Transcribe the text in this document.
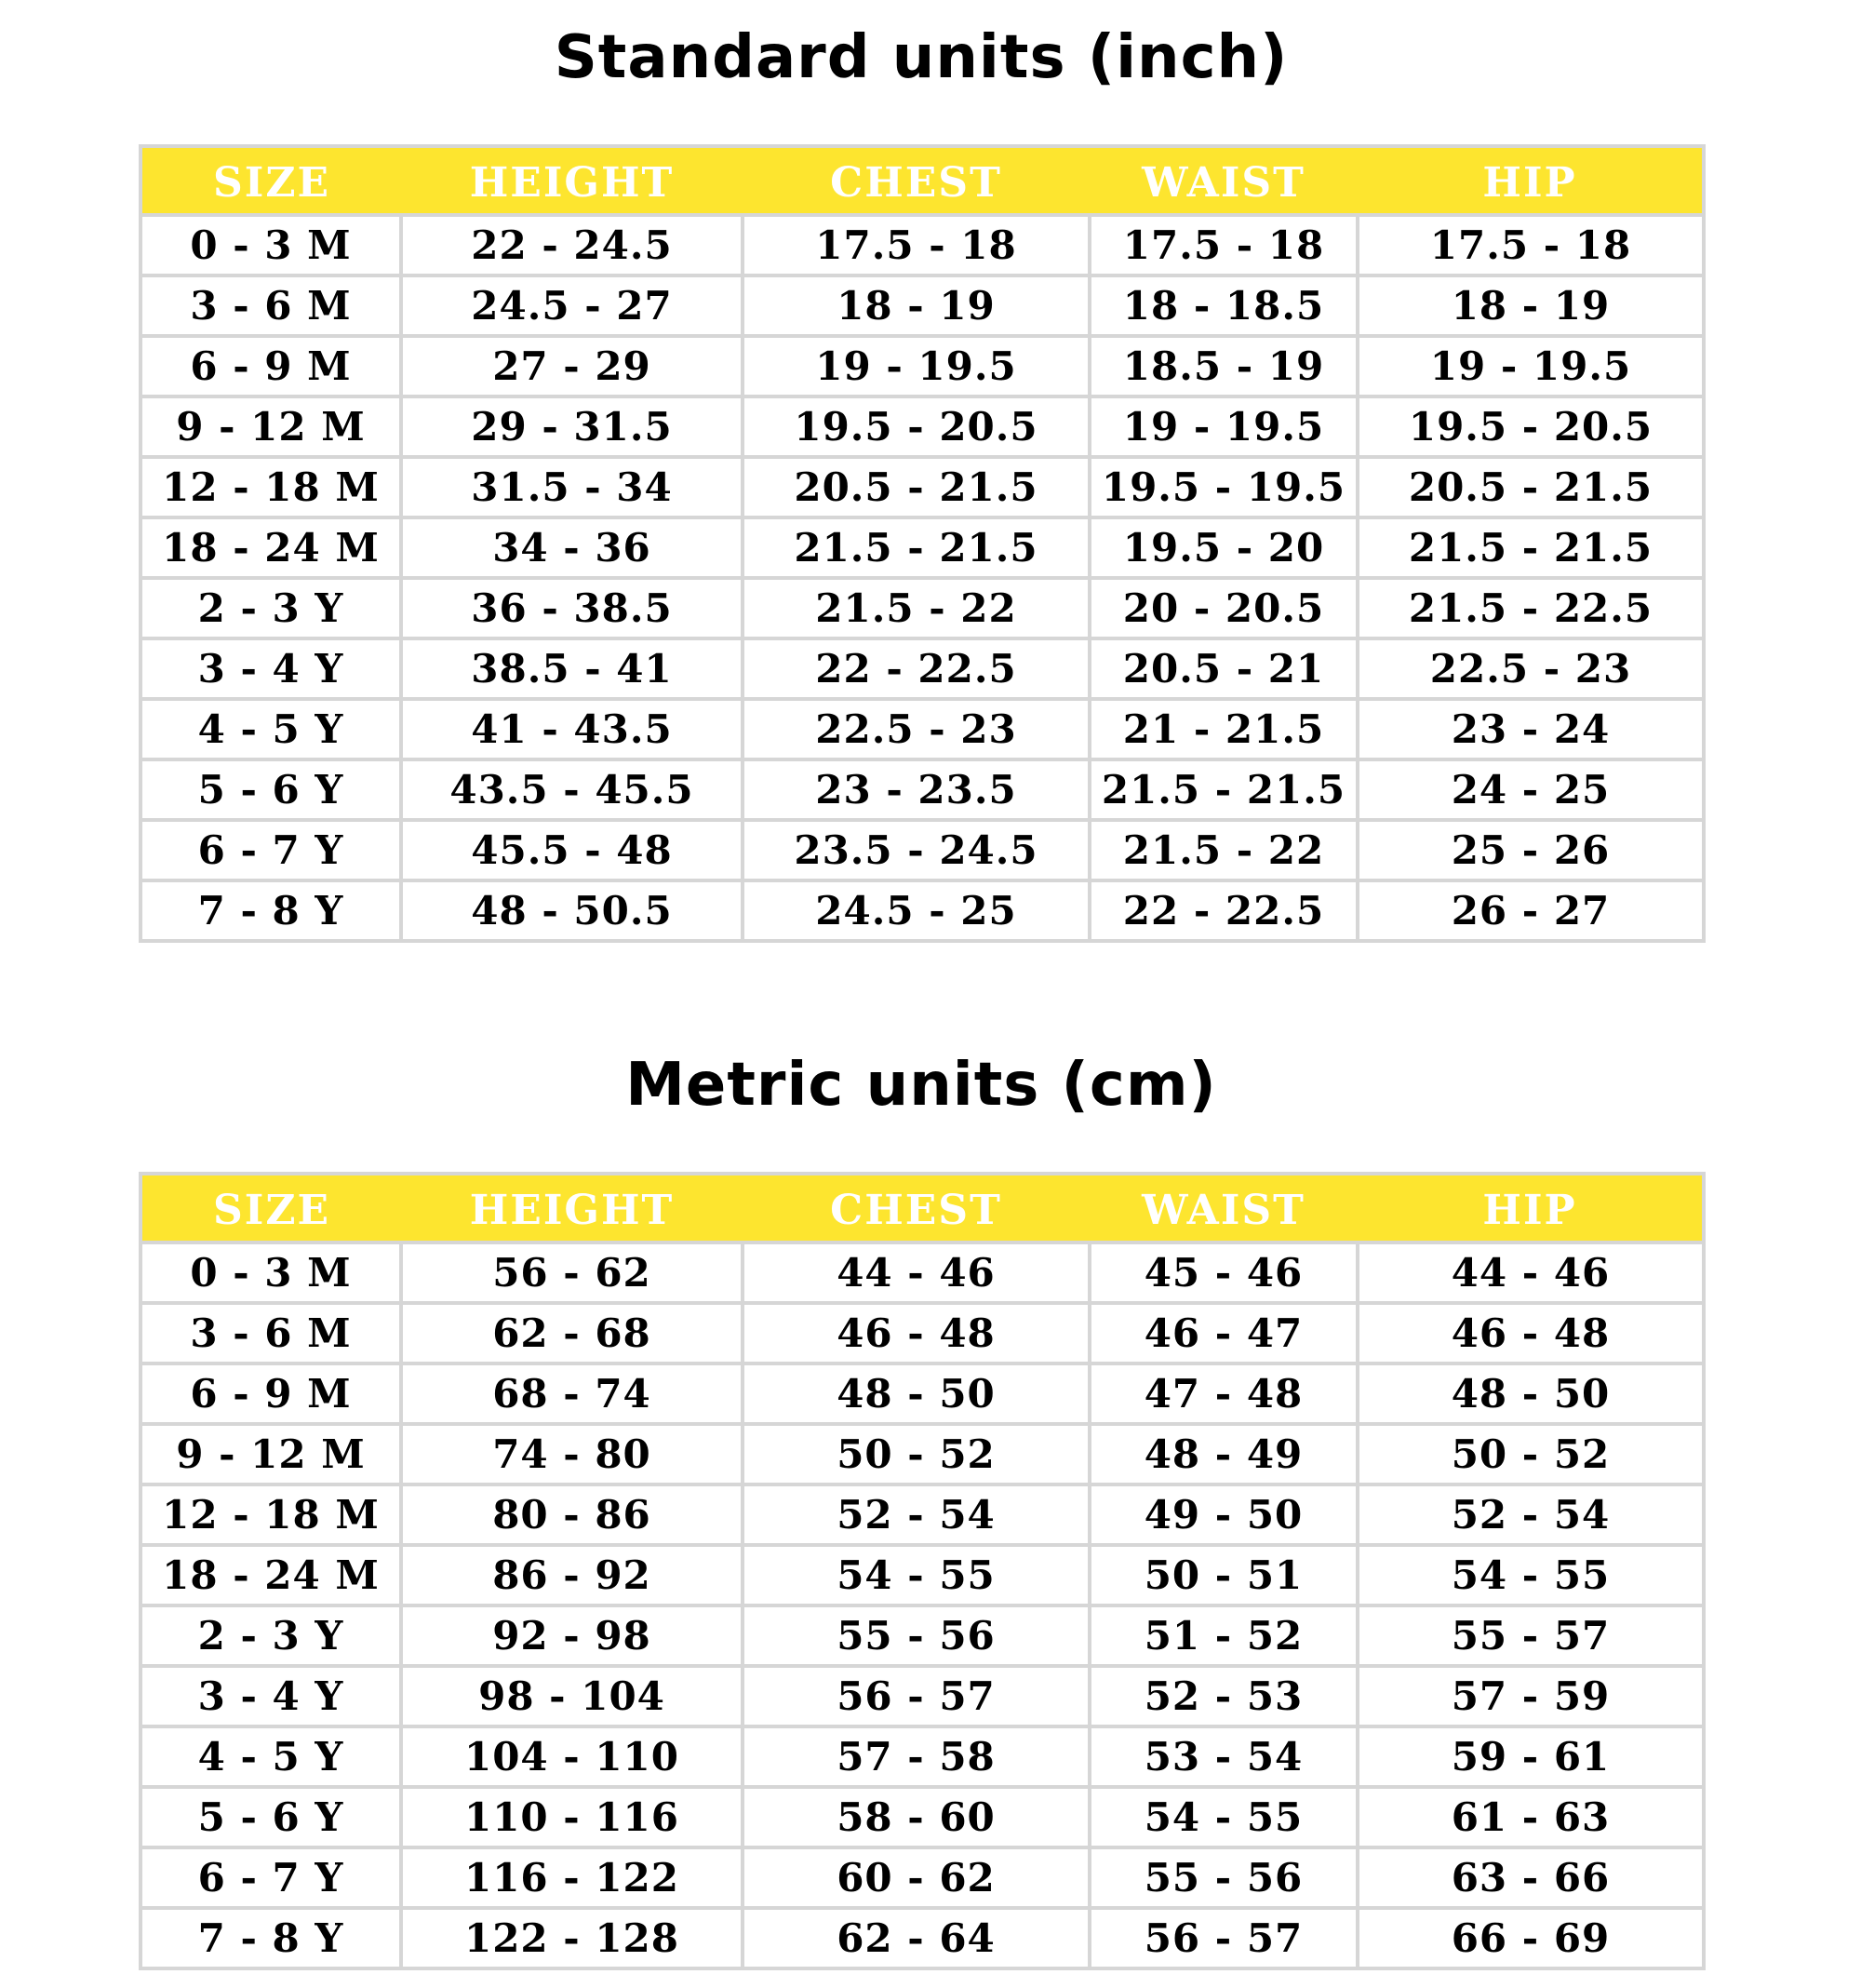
Standard units (inch)
SIZE	HEIGHT	CHEST	WAIST	HIP
0 - 3 M	22 - 24.5	17.5 - 18	17.5 - 18	17.5 - 18
3 - 6 M	24.5 - 27	18 - 19	18 - 18.5	18 - 19
6 - 9 M	27 - 29	19 - 19.5	18.5 - 19	19 - 19.5
9 - 12 M	29 - 31.5	19.5 - 20.5	19 - 19.5	19.5 - 20.5
12 - 18 M	31.5 - 34	20.5 - 21.5	19.5 - 19.5	20.5 - 21.5
18 - 24 M	34 - 36	21.5 - 21.5	19.5 - 20	21.5 - 21.5
2 - 3 Y	36 - 38.5	21.5 - 22	20 - 20.5	21.5 - 22.5
3 - 4 Y	38.5 - 41	22 - 22.5	20.5 - 21	22.5 - 23
4 - 5 Y	41 - 43.5	22.5 - 23	21 - 21.5	23 - 24
5 - 6 Y	43.5 - 45.5	23 - 23.5	21.5 - 21.5	24 - 25
6 - 7 Y	45.5 - 48	23.5 - 24.5	21.5 - 22	25 - 26
7 - 8 Y	48 - 50.5	24.5 - 25	22 - 22.5	26 - 27
Metric units (cm)
SIZE	HEIGHT	CHEST	WAIST	HIP
0 - 3 M	56 - 62	44 - 46	45 - 46	44 - 46
3 - 6 M	62 - 68	46 - 48	46 - 47	46 - 48
6 - 9 M	68 - 74	48 - 50	47 - 48	48 - 50
9 - 12 M	74 - 80	50 - 52	48 - 49	50 - 52
12 - 18 M	80 - 86	52 - 54	49 - 50	52 - 54
18 - 24 M	86 - 92	54 - 55	50 - 51	54 - 55
2 - 3 Y	92 - 98	55 - 56	51 - 52	55 - 57
3 - 4 Y	98 - 104	56 - 57	52 - 53	57 - 59
4 - 5 Y	104 - 110	57 - 58	53 - 54	59 - 61
5 - 6 Y	110 - 116	58 - 60	54 - 55	61 - 63
6 - 7 Y	116 - 122	60 - 62	55 - 56	63 - 66
7 - 8 Y	122 - 128	62 - 64	56 - 57	66 - 69
